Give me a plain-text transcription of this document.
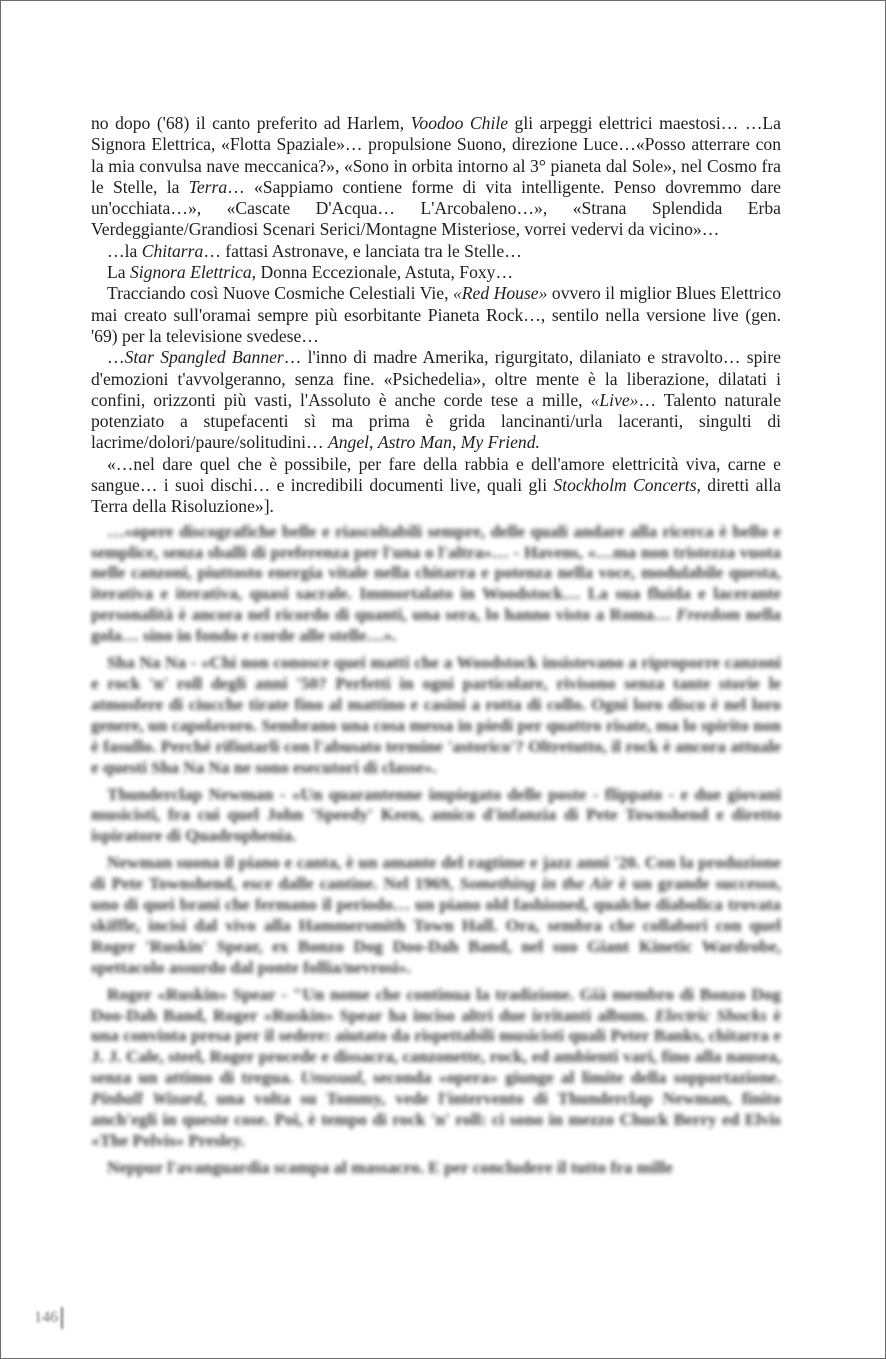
no dopo ('68) il canto preferito ad Harlem, Voodoo Chile gli arpeggi elettrici maestosi… …La Signora Elettrica, «Flotta Spaziale»… propulsione Suono, direzione Luce…«Posso atterrare con la mia convulsa nave meccanica?», «Sono in orbita intorno al 3° pianeta dal Sole», nel Cosmo fra le Stelle, la Terra… «Sappiamo contiene forme di vita intelligente. Penso dovremmo dare un'occhiata…», «Cascate D'Acqua… L'Arcobaleno…», «Strana Splendida Erba Verdeggiante/Grandiosi Scenari Serici/Montagne Misteriose, vorrei vedervi da vicino»…

…la Chitarra… fattasi Astronave, e lanciata tra le Stelle…

La Signora Elettrica, Donna Eccezionale, Astuta, Foxy…

Tracciando così Nuove Cosmiche Celestiali Vie, «Red House» ovvero il miglior Blues Elettrico mai creato sull'oramai sempre più esorbitante Pianeta Rock…, sentilo nella versione live (gen. '69) per la televisione svedese…

…Star Spangled Banner… l'inno di madre Amerika, rigurgitato, dilaniato e stravolto… spire d'emozioni t'avvolgeranno, senza fine. «Psichedelia», oltre mente è la liberazione, dilatati i confini, orizzonti più vasti, l'Assoluto è anche corde tese a mille, «Live»… Talento naturale potenziato a stupefacenti sì ma prima è grida lancinanti/urla laceranti, singulti di lacrime/dolori/paure/solitudini… Angel, Astro Man, My Friend.

«…nel dare quel che è possibile, per fare della rabbia e dell'amore elettricità viva, carne e sangue… i suoi dischi… e incredibili documenti live, quali gli Stockholm Concerts, diretti alla Terra della Risoluzione»].

…«opere discografiche belle e riascoltabili sempre, delle quali andare alla ricerca è bello e semplice, senza sballi di preferenza per l'una o l'altra»… - Havens, «…ma non tristezza vuota nelle canzoni, piuttosto energia vitale nella chitarra e potenza nella voce, modulabile questa, iterativa e iterativa, quasi sacrale. Immortalato in Woodstock… La sua fluida e lacerante personalità è ancora nel ricordo di quanti, una sera, lo hanno visto a Roma… Freedom nella gola… sino in fondo e corde alle stelle…».

Sha Na Na - «Chi non conosce quei matti che a Woodstock insistevano a riproporre canzoni e rock 'n' roll degli anni '50? Perfetti in ogni particolare, rivisono senza tante storie le atmosfere di ciucche tirate fino al mattino e casini a rotta di collo. Ogni loro disco è nel loro genere, un capolavoro. Sembrano una cosa messa in piedi per quattro risate, ma lo spirito non è fasullo. Perché rifiutarli con l'abusato termine 'astorico'? Oltretutto, il rock è ancora attuale e questi Sha Na Na ne sono esecutori di classe».

Thunderclap Newman - «Un quarantenne impiegato delle poste - flippato - e due giovani musicisti, fra cui quel John 'Speedy' Keen, amico d'infanzia di Pete Townshend e diretto ispiratore di Quadrophenia.

Newman suona il piano e canta, è un amante del ragtime e jazz anni '20. Con la produzione di Pete Townshend, esce dalle cantine. Nel 1969, Something in the Air è un grande successo, uno di quei brani che fermano il periodo… un piano old fashioned, qualche diabolica trovata skiffle, incisi dal vivo alla Hammersmith Town Hall. Ora, sembra che collabori con quel Roger 'Ruskin' Spear, ex Bonzo Dog Doo-Dah Band, nel suo Giant Kinetic Wardrobe, spettacolo assurdo dal ponte follia/nevrosi».

Roger «Ruskin» Spear - "Un nome che continua la tradizione. Già membro di Bonzo Dog Doo-Dah Band, Roger «Ruskin» Spear ha inciso altri due irritanti album. Electric Shocks è una convinta presa per il sedere: aiutato da rispettabili musicisti quali Peter Banks, chitarra e J. J. Cale, steel, Roger procede e dissacra, canzonette, rock, ed ambienti vari, fino alla nausea, senza un attimo di tregua. Unusual, seconda «opera» giunge al limite della sopportazione. Pinball Wizard, una volta su Tommy, vede l'intervento di Thunderclap Newman, finito anch'egli in queste cose. Poi, è tempo di rock 'n' roll: ci sono in mezzo Chuck Berry ed Elvis «The Pelvis» Presley.

Neppur l'avanguardia scampa al massacro. E per concludere il tutto fra mille

146
